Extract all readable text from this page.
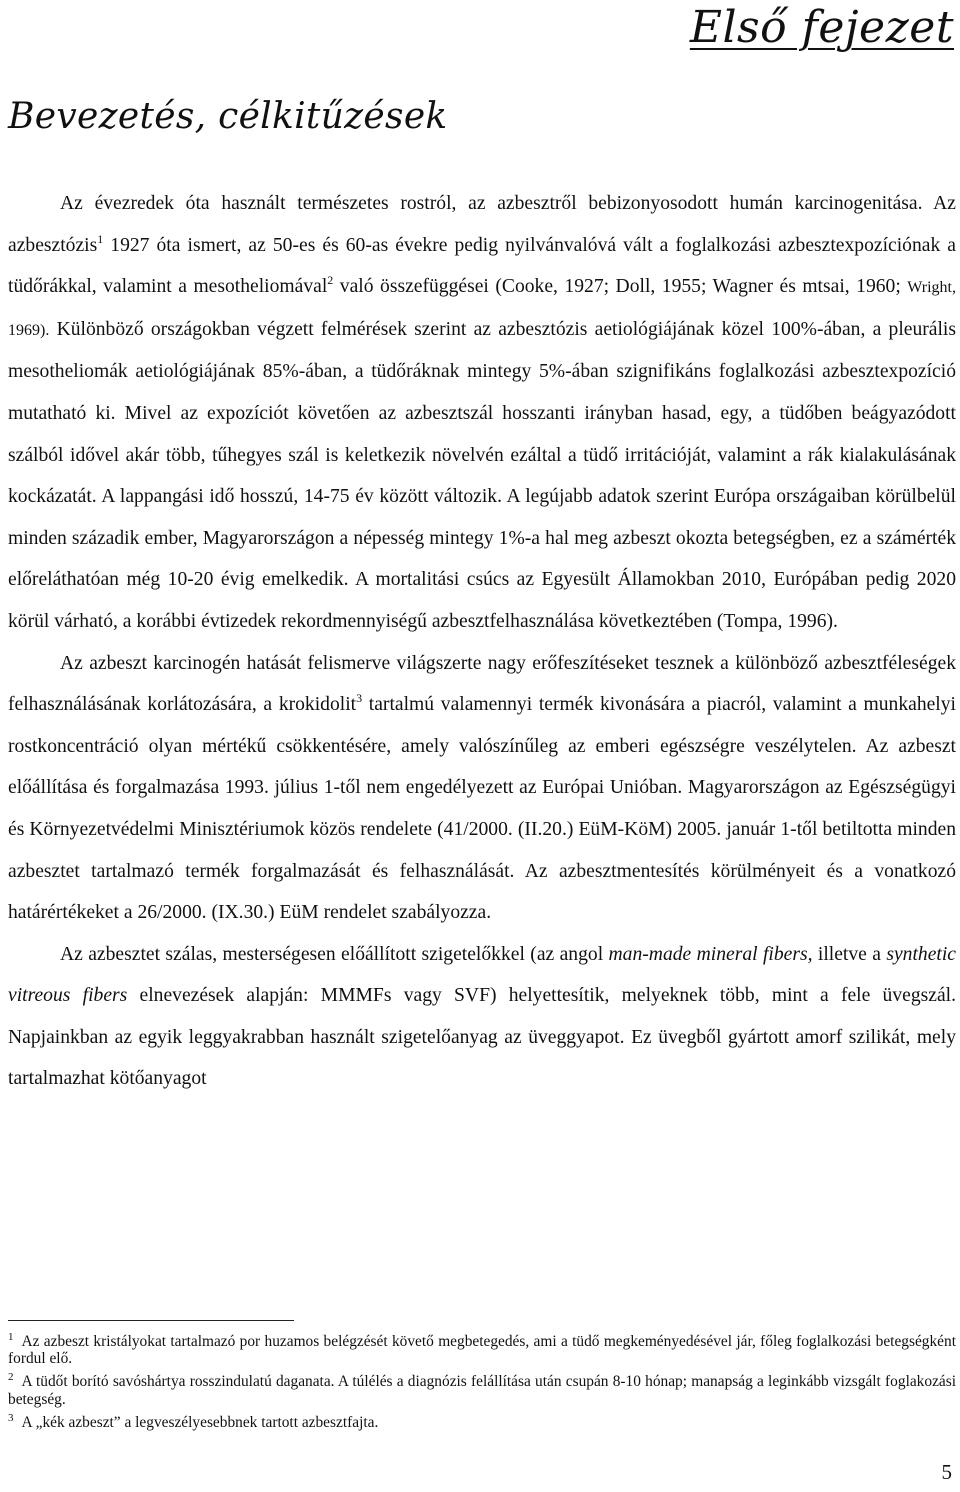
Első fejezet
Bevezetés, célkitűzések

Az évezredek óta használt természetes rostról, az azbesztről bebizonyosodott humán karcinogenitása. Az azbesztózis$^1$ 1927 óta ismert, az 50-es és 60-as évekre pedig nyilvánvalóvá vált a foglalkozási azbesztexpozíciónak a tüdőrákkal, valamint a mesotheliomával$^2$ való összefüggései (Cooke, 1927; Doll, 1955; Wagner és mtsai, 1960; Wright, 1969). Különböző országokban végzett felmérések szerint az azbesztózis aetiológiájának közel 100%-ában, a pleurális mesotheliomák aetiológiájának 85%-ában, a tüdőráknak mintegy 5%-ában szignifikáns foglalkozási azbesztexpozíció mutatható ki. Mivel az expozíciót követően az azbesztszál hosszanti irányban hasad, egy, a tüdőben beágyazódott szálból idővel akár több, tűhegyes szál is keletkezik növelvén ezáltal a tüdő irritációját, valamint a rák kialakulásának kockázatát. A lappangási idő hosszú, 14-75 év között változik. A legújabb adatok szerint Európa országaiban körülbelül minden századik ember, Magyarországon a népesség mintegy 1%-a hal meg azbeszt okozta betegségben, ez a számérték előreláthatóan még 10-20 évig emelkedik. A mortalitási csúcs az Egyesült Államokban 2010, Európában pedig 2020 körül várható, a korábbi évtizedek rekordmennyiségű azbesztfelhasználása következtében (Tompa, 1996).

Az azbeszt karcinogén hatását felismerve világszerte nagy erőfeszítéseket tesznek a különböző azbesztféleségek felhasználásának korlátozására, a krokidolit$^3$ tartalmú valamennyi termék kivonására a piacról, valamint a munkahelyi rostkoncentráció olyan mértékű csökkentésére, amely valószínűleg az emberi egészségre veszélytelen. Az azbeszt előállítása és forgalmazása 1993. július 1-től nem engedélyezett az Európai Unióban. Magyarországon az Egészségügyi és Környezetvédelmi Minisztériumok közös rendelete (41/2000. (II.20.) EüM-KöM) 2005. január 1-től betiltotta minden azbesztet tartalmazó termék forgalmazását és felhasználását. Az azbesztmentesítés körülményeit és a vonatkozó határértékeket a 26/2000. (IX.30.) EüM rendelet szabályozza.

Az azbesztet szálas, mesterségesen előállított szigetelőkkel (az angol man-made mineral fibers, illetve a synthetic vitreous fibers elnevezések alapján: MMMFs vagy SVF) helyettesítik, melyeknek több, mint a fele üvegszál. Napjainkban az egyik leggyakrabban használt szigetelőanyag az üveggyapot. Ez üvegből gyártott amorf szilikát, mely tartalmazhat kötőanyagot

$^1$ Az azbeszt kristályokat tartalmazó por huzamos belégzését követő megbetegedés, ami a tüdő megkeményedésével jár, főleg foglalkozási betegségként fordul elő.

$^2$ A tüdőt borító savóshártya rosszindulatú daganata. A túlélés a diagnózis felállítása után csupán 8-10 hónap; manapság a leginkább vizsgált foglakozási betegség.

$^3$ A „kék azbeszt” a legveszélyesebbnek tartott azbesztfajta.

5
